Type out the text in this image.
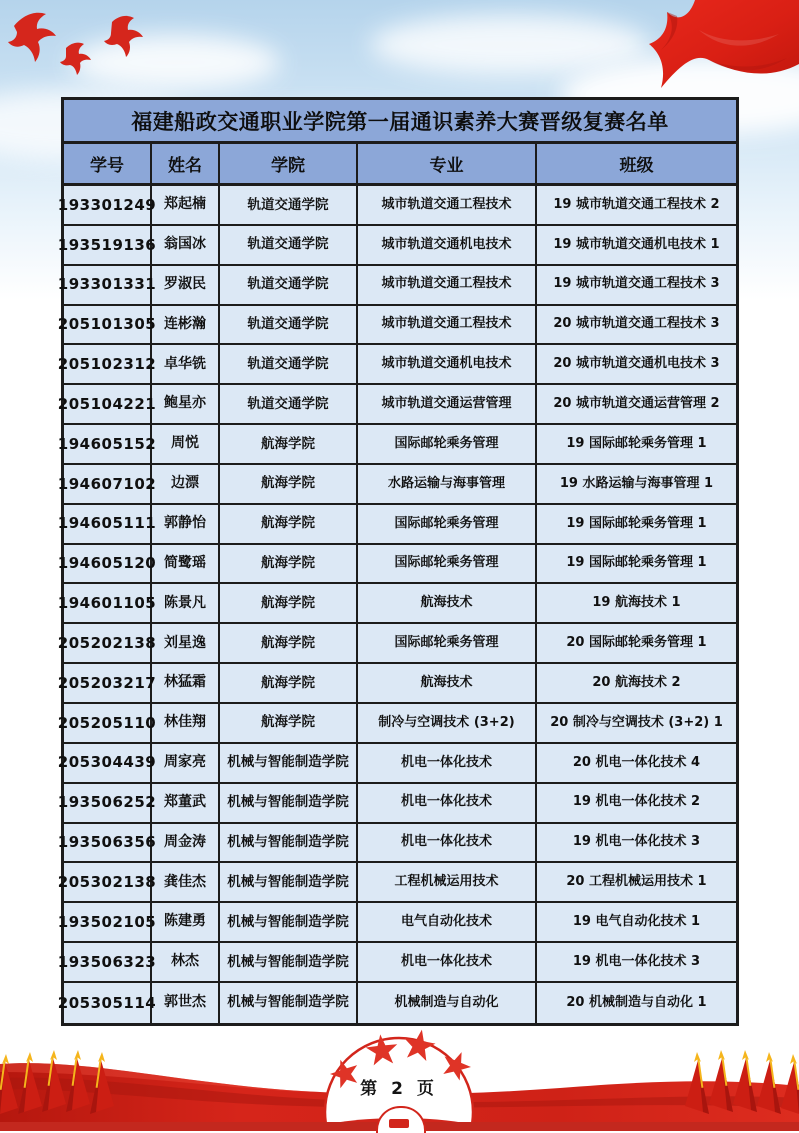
福建船政交通职业学院第一届通识素养大赛晋级复赛名单
学号	姓名	学院	专业	班级
193301249 郑起楠	轨道交通学院	城市轨道交通工程技术	19 城市轨道交通工程技术 2
193519136 翁国冰	轨道交通学院	城市轨道交通机电技术	19 城市轨道交通机电技术 1
193301331 罗淑民	轨道交通学院	城市轨道交通工程技术	19 城市轨道交通工程技术 3
205101305 连彬瀚	轨道交通学院	城市轨道交通工程技术	20 城市轨道交通工程技术 3
205102312 卓华铣	轨道交通学院	城市轨道交通机电技术	20 城市轨道交通机电技术 3
205104221 鲍星亦	轨道交通学院	城市轨道交通运营管理	20 城市轨道交通运营管理 2
194605152	周悦	航海学院	国际邮轮乘务管理	19 国际邮轮乘务管理 1
194607102	边漂	航海学院	水路运输与海事管理	19 水路运输与海事管理 1
194605111 郭静怡	航海学院	国际邮轮乘务管理	19 国际邮轮乘务管理 1
194605120 简鹭瑶	航海学院	国际邮轮乘务管理	19 国际邮轮乘务管理 1
194601105 陈景凡	航海学院	航海技术	19 航海技术 1
205202138 刘星逸	航海学院	国际邮轮乘务管理	20 国际邮轮乘务管理 1
205203217 林猛霜	航海学院	航海技术	20 航海技术 2
205205110 林佳翔	航海学院	制冷与空调技术 (3+2)	20 制冷与空调技术 (3+2) 1
205304439 周家亮	机械与智能制造学院	机电一体化技术	20 机电一体化技术 4
193506252 郑董武	机械与智能制造学院	机电一体化技术	19 机电一体化技术 2
193506356 周金涛	机械与智能制造学院	机电一体化技术	19 机电一体化技术 3
205302138 龚佳杰	机械与智能制造学院	工程机械运用技术	20 工程机械运用技术 1
193502105 陈建勇	机械与智能制造学院	电气自动化技术	19 电气自动化技术 1
193506323	林杰	机械与智能制造学院	机电一体化技术	19 机电一体化技术 3
205305114 郭世杰	机械与智能制造学院	机械制造与自动化	20 机械制造与自动化 1
第 2 页
